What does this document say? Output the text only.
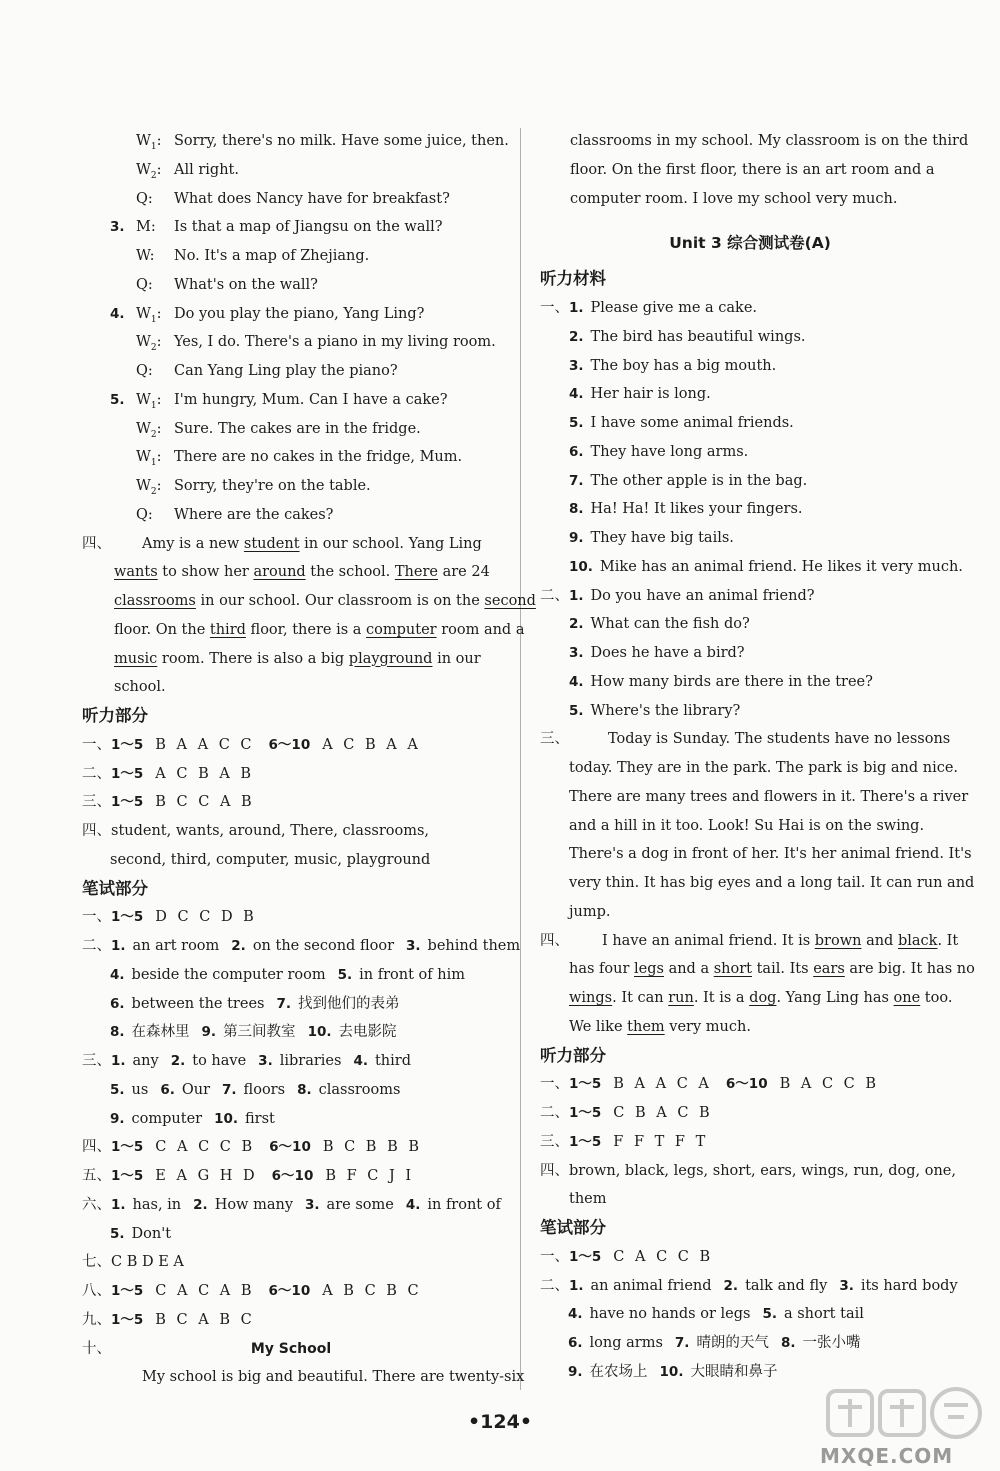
$W_1$: Sorry, there's no milk. Have some juice, then.
$W_2$: All right.
Q: What does Nancy have for breakfast?
3. M: Is that a map of Jiangsu on the wall?
W: No. It's a map of Zhejiang.
Q: What's on the wall?
4. $W_1$: Do you play the piano, Yang Ling?
$W_2$: Yes, I do. There's a piano in my living room.
Q: Can Yang Ling play the piano?
5. $W_1$: I'm hungry, Mum. Can I have a cake?
$W_2$: Sure. The cakes are in the fridge.
$W_1$: There are no cakes in the fridge, Mum.
$W_2$: Sorry, they're on the table.
Q: Where are the cakes?
四、 Amy is a new student in our school. Yang Ling
wants to show her around the school. There are 24
classrooms in our school. Our classroom is on the second
floor. On the third floor, there is a computer room and a
music room. There is also a big playground in our
school.
听力部分
一、1～5 B A A C C 6～10 A C B A A
二、1～5 A C B A B
三、1～5 B C C A B
四、student, wants, around, There, classrooms,
second, third, computer, music, playground
笔试部分
一、1～5 D C C D B
二、1. an art room 2. on the second floor 3. behind them
4. beside the computer room 5. in front of him
6. between the trees 7. 找到他们的表弟
8. 在森林里 9. 第三间教室 10. 去电影院
三、1. any 2. to have 3. libraries 4. third
5. us 6. Our 7. floors 8. classrooms
9. computer 10. first
四、1～5 C A C C B 6～10 B C B B B
五、1～5 E A G H D 6～10 B F C J I
六、1. has, in 2. How many 3. are some 4. in front of
5. Don't
七、C B D E A
八、1～5 C A C A B 6～10 A B C B C
九、1～5 B C A B C
十、	My School
My school is big and beautiful. There are twenty-six
classrooms in my school. My classroom is on the third
floor. On the first floor, there is an art room and a
computer room. I love my school very much.
Unit 3 综合测试卷(A)
听力材料
一、 1. Please give me a cake.
2. The bird has beautiful wings.
3. The boy has a big mouth.
4. Her hair is long.
5. I have some animal friends.
6. They have long arms.
7. The other apple is in the bag.
8. Ha! Ha! It likes your fingers.
9. They have big tails.
10. Mike has an animal friend. He likes it very much.
二、 1. Do you have an animal friend?
2. What can the fish do?
3. Does he have a bird?
4. How many birds are there in the tree?
5. Where's the library?
三、	Today is Sunday. The students have no lessons
today. They are in the park. The park is big and nice.
There are many trees and flowers in it. There's a river
and a hill in it too. Look! Su Hai is on the swing.
There's a dog in front of her. It's her animal friend. It's
very thin. It has big eyes and a long tail. It can run and
jump.
四、 I have an animal friend. It is brown and black. It
has four legs and a short tail. Its ears are big. It has no
wings. It can run. It is a dog. Yang Ling has one too.
We like them very much.
听力部分
一、1～5 B A A C A 6～10 B A C C B
二、1～5 C B A C B
三、1～5 F F T F T
四、brown, black, legs, short, ears, wings, run, dog, one,
them
笔试部分
一、1～5 C A C C B
二、1. an animal friend 2. talk and fly 3. its hard body
4. have no hands or legs 5. a short tail
6. long arms 7. 晴朗的天气 8. 一张小嘴
9. 在农场上 10. 大眼睛和鼻子
•124•
MXQE.COM
